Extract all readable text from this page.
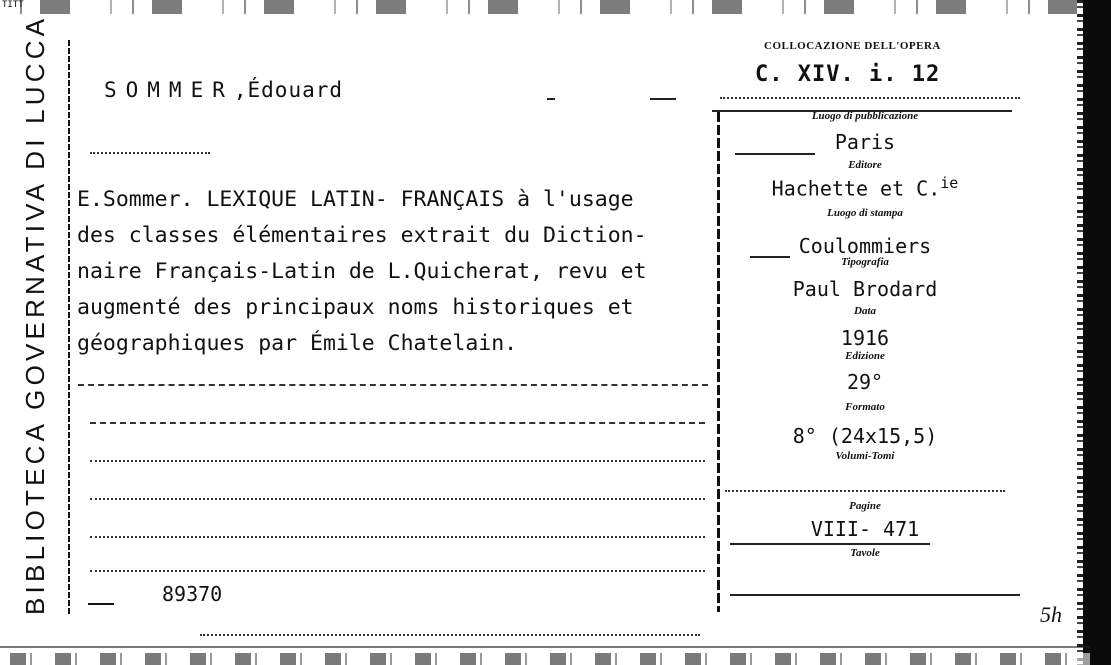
TITT
BIBLIOTECA GOVERNATIVA DI LUCCA	SOMMER,Édouard
E.Sommer. LEXIQUE LATIN- FRANÇAIS à l'usage
des classes élémentaires extrait du Diction-
naire Français-Latin de L.Quicherat, revu et
augmenté des principaux noms historiques et
géographiques par Émile Chatelain.
89370
COLLOCAZIONE DELL'OPERA
C. XIV. i. 12
Luogo di pubblicazione
Paris
Editore
Hachette et C.$^{ie}$
Luogo di stampa
Coulommiers
Tipografia
Paul Brodard
Data
1916
Edizione
29°
Formato
8° (24x15,5)
Volumi-Tomi
Pagine
VIII- 471
Tavole
5h
